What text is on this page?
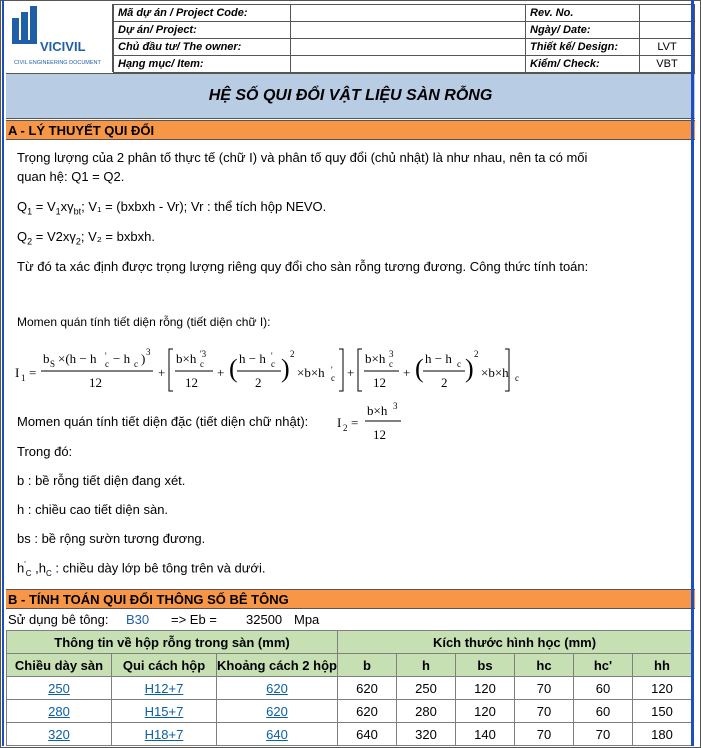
VICIVIL
CIVIL ENGINEERING DOCUMENT
Mã dự án / Project Code:		Rev. No.	
Dự án/ Project:		Ngày/ Date:	
Chủ đầu tư/ The owner:		Thiết kế/ Design:	LVT
Hạng mục/ Item:		Kiểm/ Check:	VBT
HỆ SỐ QUI ĐỔI VẬT LIỆU SÀN RỖNG
A - LÝ THUYẾT QUI ĐỔI
Trọng lượng của 2 phân tố thực tế (chữ I) và phân tố quy đổi (chủ nhật) là như nhau, nên ta có mối
quan hệ: Q1 = Q2.
$Q_1 = V_1x\gamma_{bt}$; V₁ = (bxbxh - Vr); Vr : thể tích hộp NEVO.
$Q_2 = V2x\gamma_2$; V₂ = bxbxh.
Từ đó ta xác định được trọng lượng riêng quy đổi cho sàn rỗng tương đương. Công thức tính toán:
Momen quán tính tiết diện rỗng (tiết diện chữ I):
I 1 =
b S ×(h − h '
c − h c ) 3
12
+
b×h '3
c
12
+ ( h − h '
c
2 ) 2
×b×h '
c +
b×h 3
c
12
+ ( h − h c
2 ) 2
×b×h c
Momen quán tính tiết diện đặc (tiết diện chữ nhật): I 2 =
b×h 3
12
Trong đó:
b : bề rỗng tiết diện đang xét.
h : chiều cao tiết diện sàn.
bs : bề rộng sườn tương đương.
$h'_C$ $,h_C$ : chiều dày lớp bê tông trên và dưới.
B - TÍNH TOÁN QUI ĐỔI THÔNG SỐ BÊ TÔNG
Sử dụng bê tông: B30 => Eb = 32500 Mpa
Thông tin về hộp rỗng trong sàn (mm)			Kích thước hình học (mm)					
Chiều dày sàn	Qui cách hộp	Khoảng cách 2 hộp	b	h	bs	hc	hc'	hh
250	H12+7	620	620	250	120	70	60	120
280	H15+7	620	620	280	120	70	60	150
320	H18+7	640	640	320	140	70	70	180
